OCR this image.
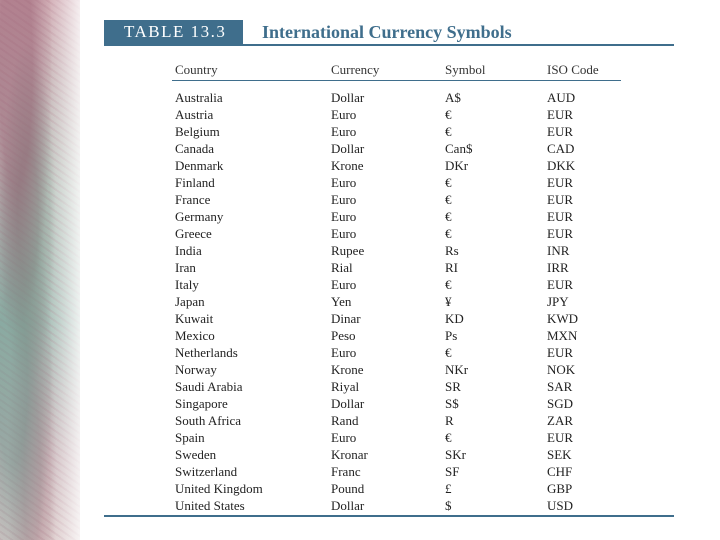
TABLE 13.3	International Currency Symbols
Country	Currency	Symbol	ISO Code
Australia	Dollar	A$	AUD
Austria	Euro	€	EUR
Belgium	Euro	€	EUR
Canada	Dollar	Can$	CAD
Denmark	Krone	DKr	DKK
Finland	Euro	€	EUR
France	Euro	€	EUR
Germany	Euro	€	EUR
Greece	Euro	€	EUR
India	Rupee	Rs	INR
Iran	Rial	RI	IRR
Italy	Euro	€	EUR
Japan	Yen	¥	JPY
Kuwait	Dinar	KD	KWD
Mexico	Peso	Ps	MXN
Netherlands	Euro	€	EUR
Norway	Krone	NKr	NOK
Saudi Arabia	Riyal	SR	SAR
Singapore	Dollar	S$	SGD
South Africa	Rand	R	ZAR
Spain	Euro	€	EUR
Sweden	Kronar	SKr	SEK
Switzerland	Franc	SF	CHF
United Kingdom	Pound	£	GBP
United States	Dollar	$	USD
